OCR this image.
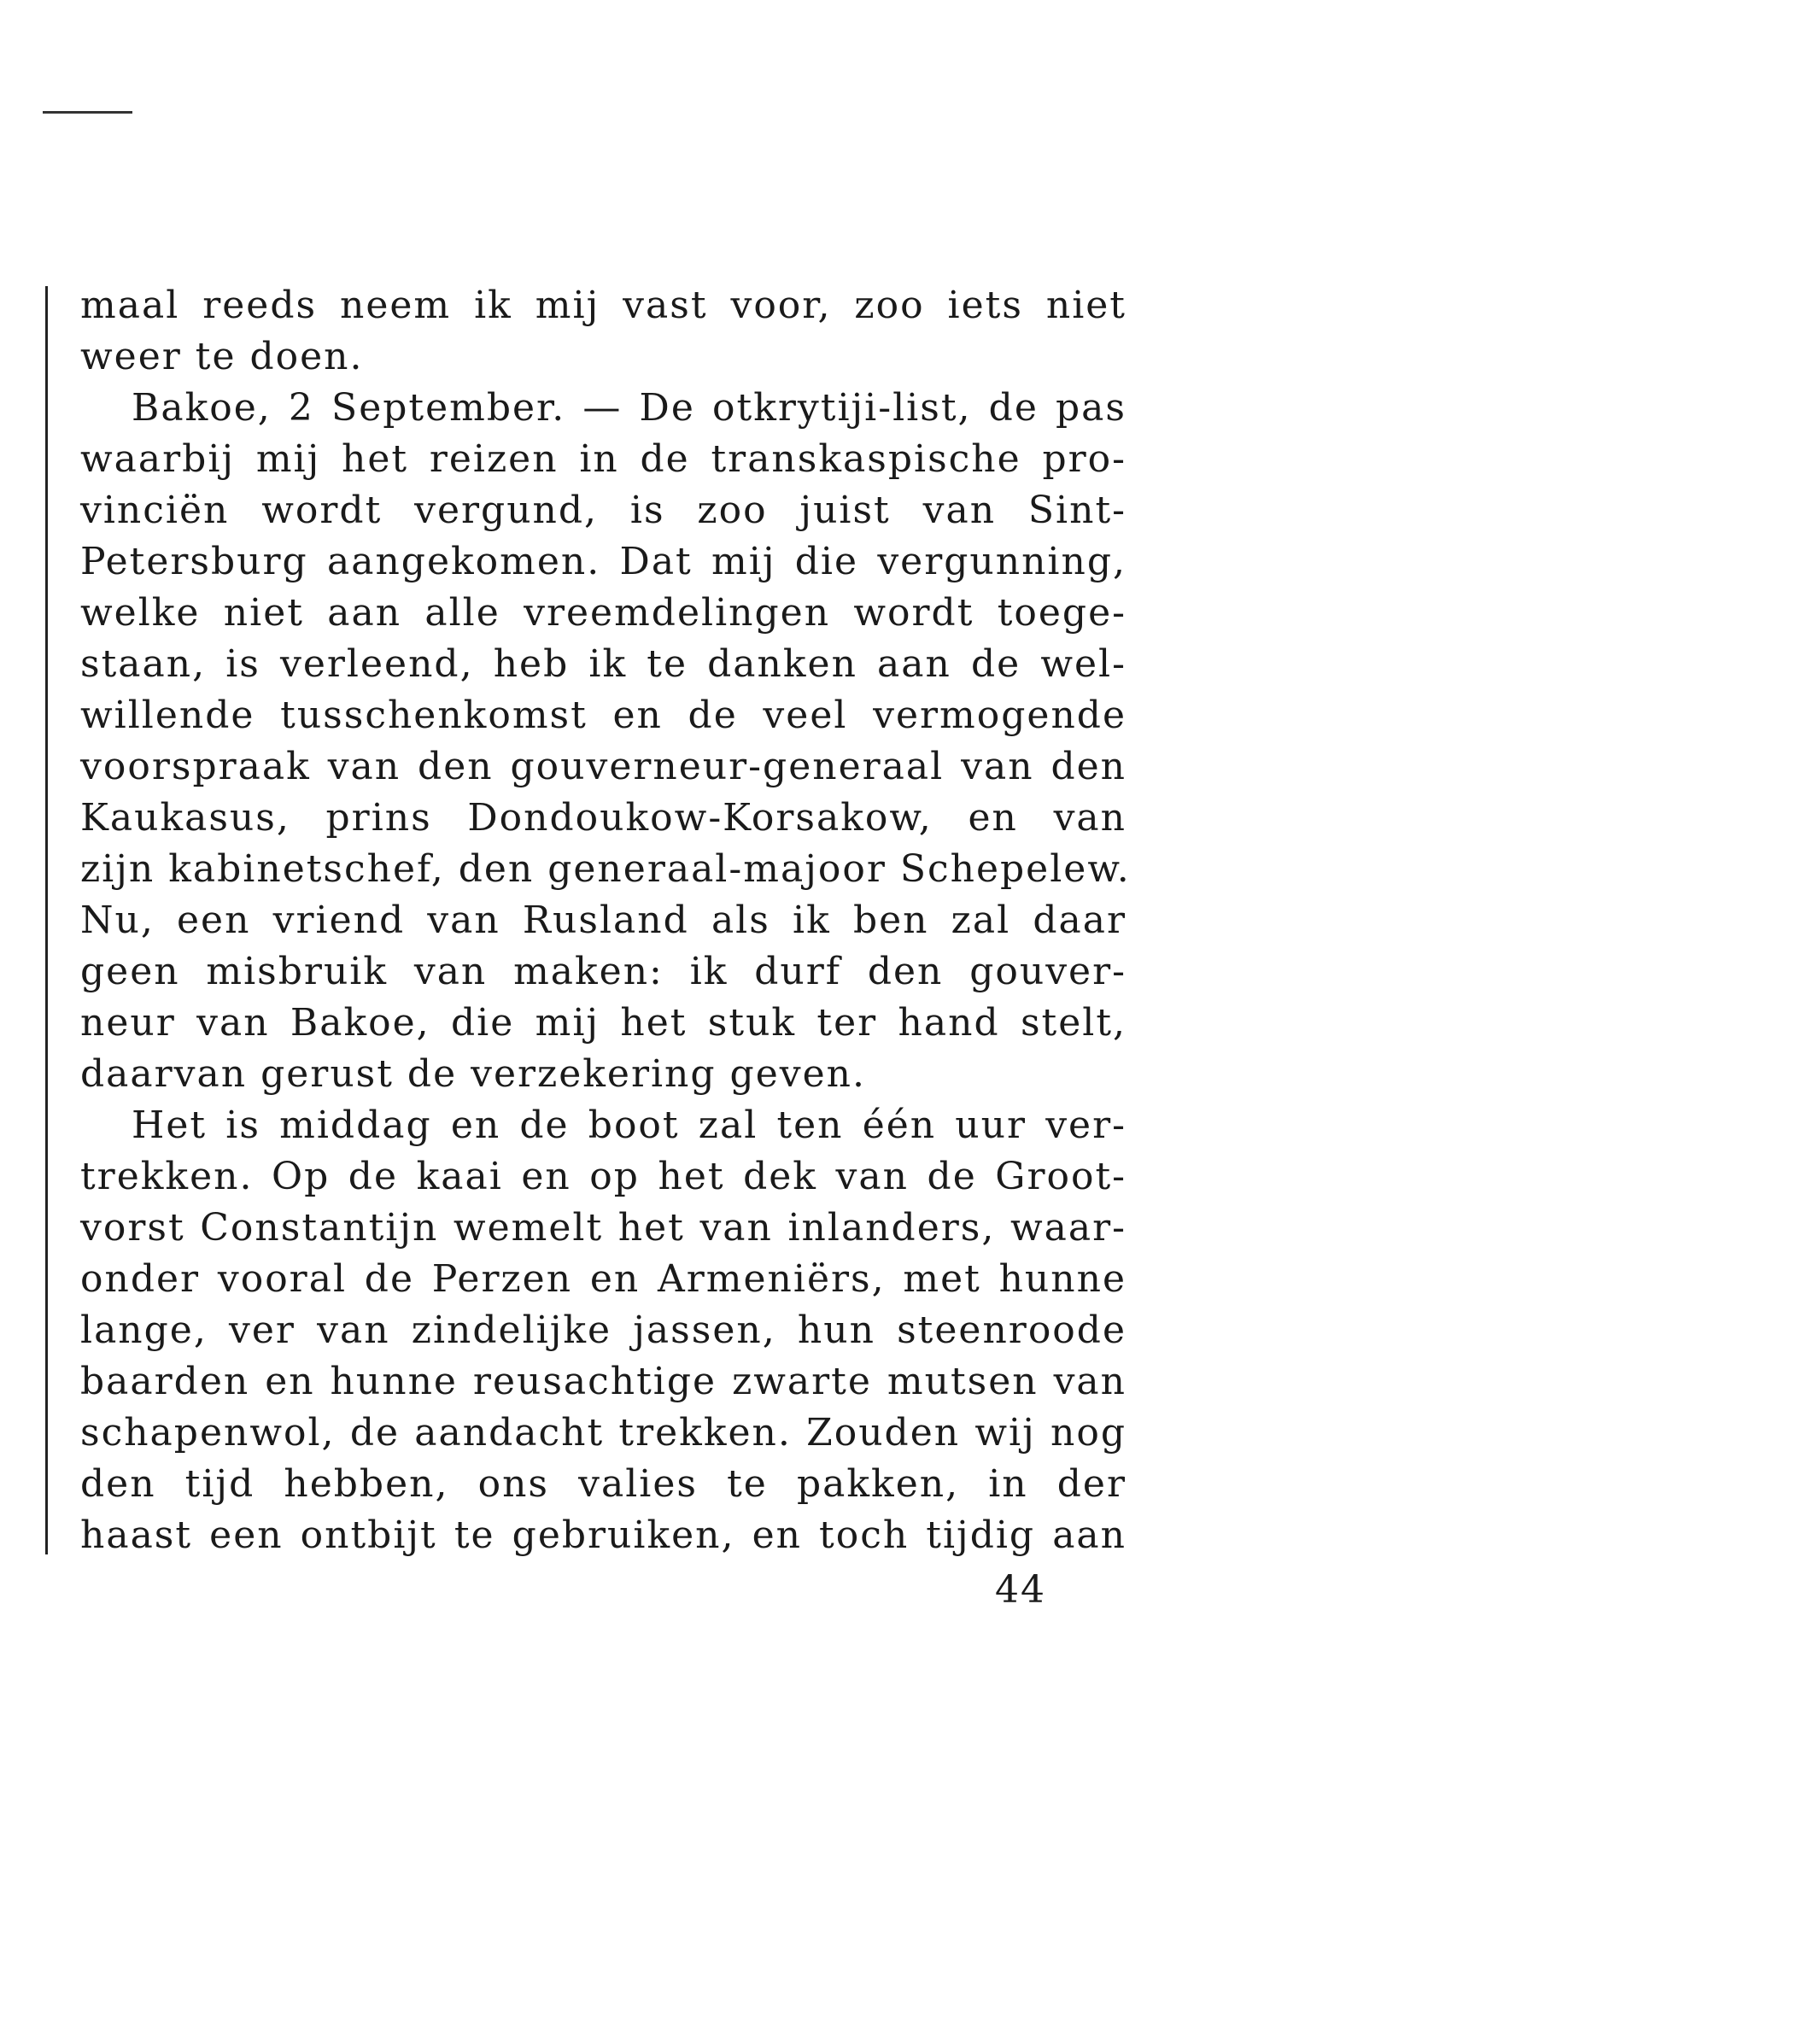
maal reeds neem ik mij vast voor, zoo iets niet
weer te doen.
Bakoe, 2 September. — De otkrytiji-list, de pas
waarbij mij het reizen in de transkaspische pro-
vinciën wordt vergund, is zoo juist van Sint-
Petersburg aangekomen. Dat mij die vergunning,
welke niet aan alle vreemdelingen wordt toege-
staan, is verleend, heb ik te danken aan de wel-
willende tusschenkomst en de veel vermogende
voorspraak van den gouverneur-generaal van den
Kaukasus, prins Dondoukow-Korsakow, en van
zijn kabinetschef, den generaal-majoor Schepelew.
Nu, een vriend van Rusland als ik ben zal daar
geen misbruik van maken: ik durf den gouver-
neur van Bakoe, die mij het stuk ter hand stelt,
daarvan gerust de verzekering geven.
Het is middag en de boot zal ten één uur ver-
trekken. Op de kaai en op het dek van de Groot-
vorst Constantijn wemelt het van inlanders, waar-
onder vooral de Perzen en Armeniërs, met hunne
lange, ver van zindelijke jassen, hun steenroode
baarden en hunne reusachtige zwarte mutsen van
schapenwol, de aandacht trekken. Zouden wij nog
den tijd hebben, ons valies te pakken, in der
haast een ontbijt te gebruiken, en toch tijdig aan
44
